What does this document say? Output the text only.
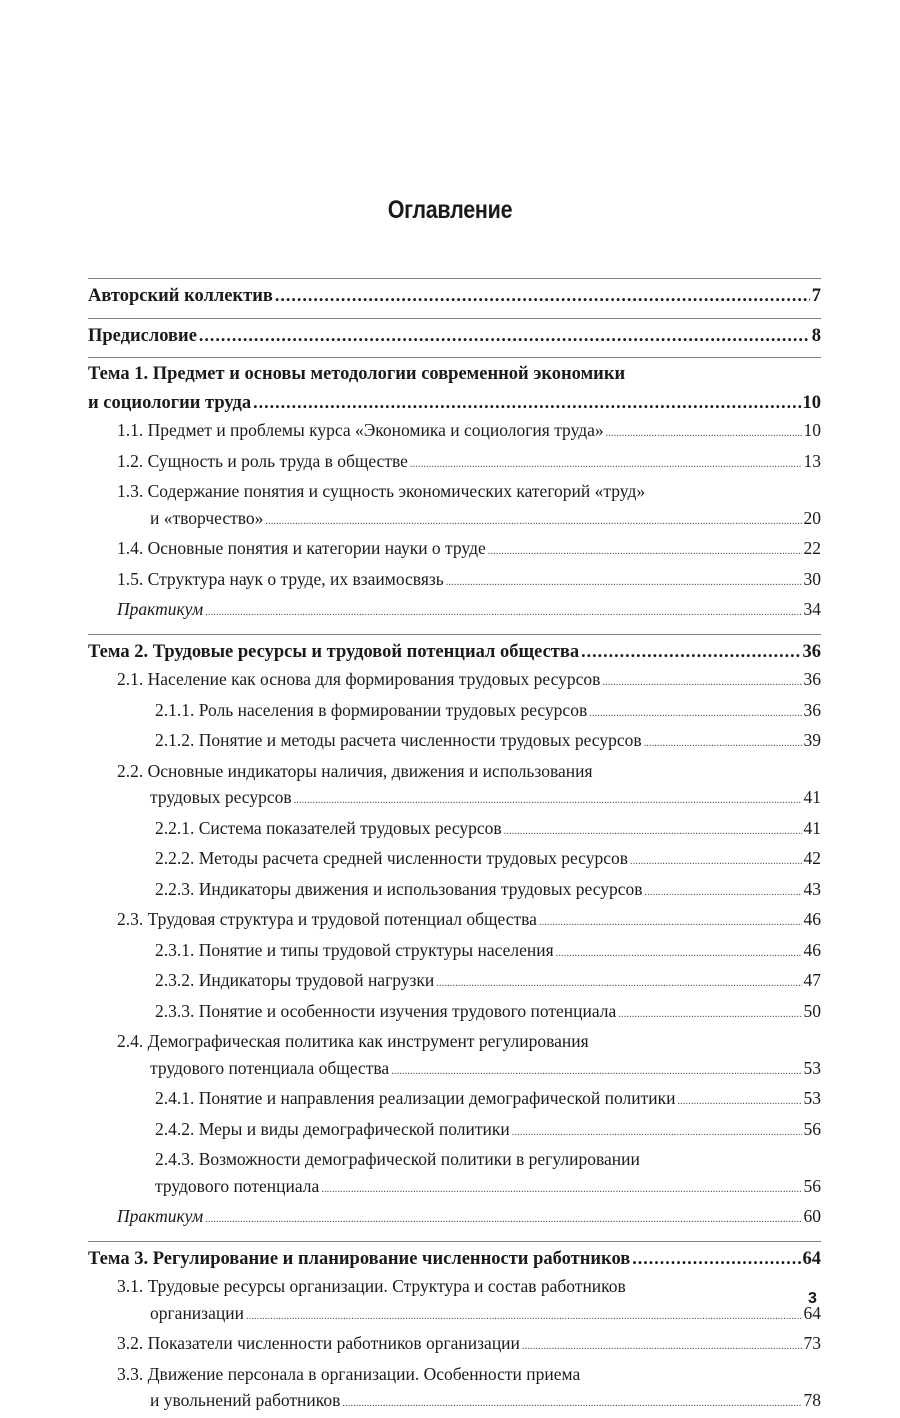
Оглавление
Авторский коллектив .....	7
Предисловие .....	8
Тема 1. Предмет и основы методологии современной экономики
и социологии труда .....	10
1.1. Предмет и проблемы курса «Экономика и социология труда» .....	10
1.2. Сущность и роль труда в обществе .....	13
1.3. Содержание понятия и сущность экономических категорий «труд»
и «творчество» .....	20
1.4. Основные понятия и категории науки о труде .....	22
1.5. Структура наук о труде, их взаимосвязь .....	30
Практикум .....	34
Тема 2. Трудовые ресурсы и трудовой потенциал общества .....	36
2.1. Население как основа для формирования трудовых ресурсов .....	36
2.1.1. Роль населения в формировании трудовых ресурсов .....	36
2.1.2. Понятие и методы расчета численности трудовых ресурсов .....	39
2.2. Основные индикаторы наличия, движения и использования
трудовых ресурсов .....	41
2.2.1. Система показателей трудовых ресурсов .....	41
2.2.2. Методы расчета средней численности трудовых ресурсов .....	42
2.2.3. Индикаторы движения и использования трудовых ресурсов .....	43
2.3. Трудовая структура и трудовой потенциал общества .....	46
2.3.1. Понятие и типы трудовой структуры населения .....	46
2.3.2. Индикаторы трудовой нагрузки .....	47
2.3.3. Понятие и особенности изучения трудового потенциала .....	50
2.4. Демографическая политика как инструмент регулирования
трудового потенциала общества .....	53
2.4.1. Понятие и направления реализации демографической политики .....	53
2.4.2. Меры и виды демографической политики .....	56
2.4.3. Возможности демографической политики в регулировании
трудового потенциала .....	56
Практикум .....	60
Тема 3. Регулирование и планирование численности работников .....	64
3.1. Трудовые ресурсы организации. Структура и состав работников
организации .....	64
3.2. Показатели численности работников организации .....	73
3.3. Движение персонала в организации. Особенности приема
и увольнений работников .....	78
3
